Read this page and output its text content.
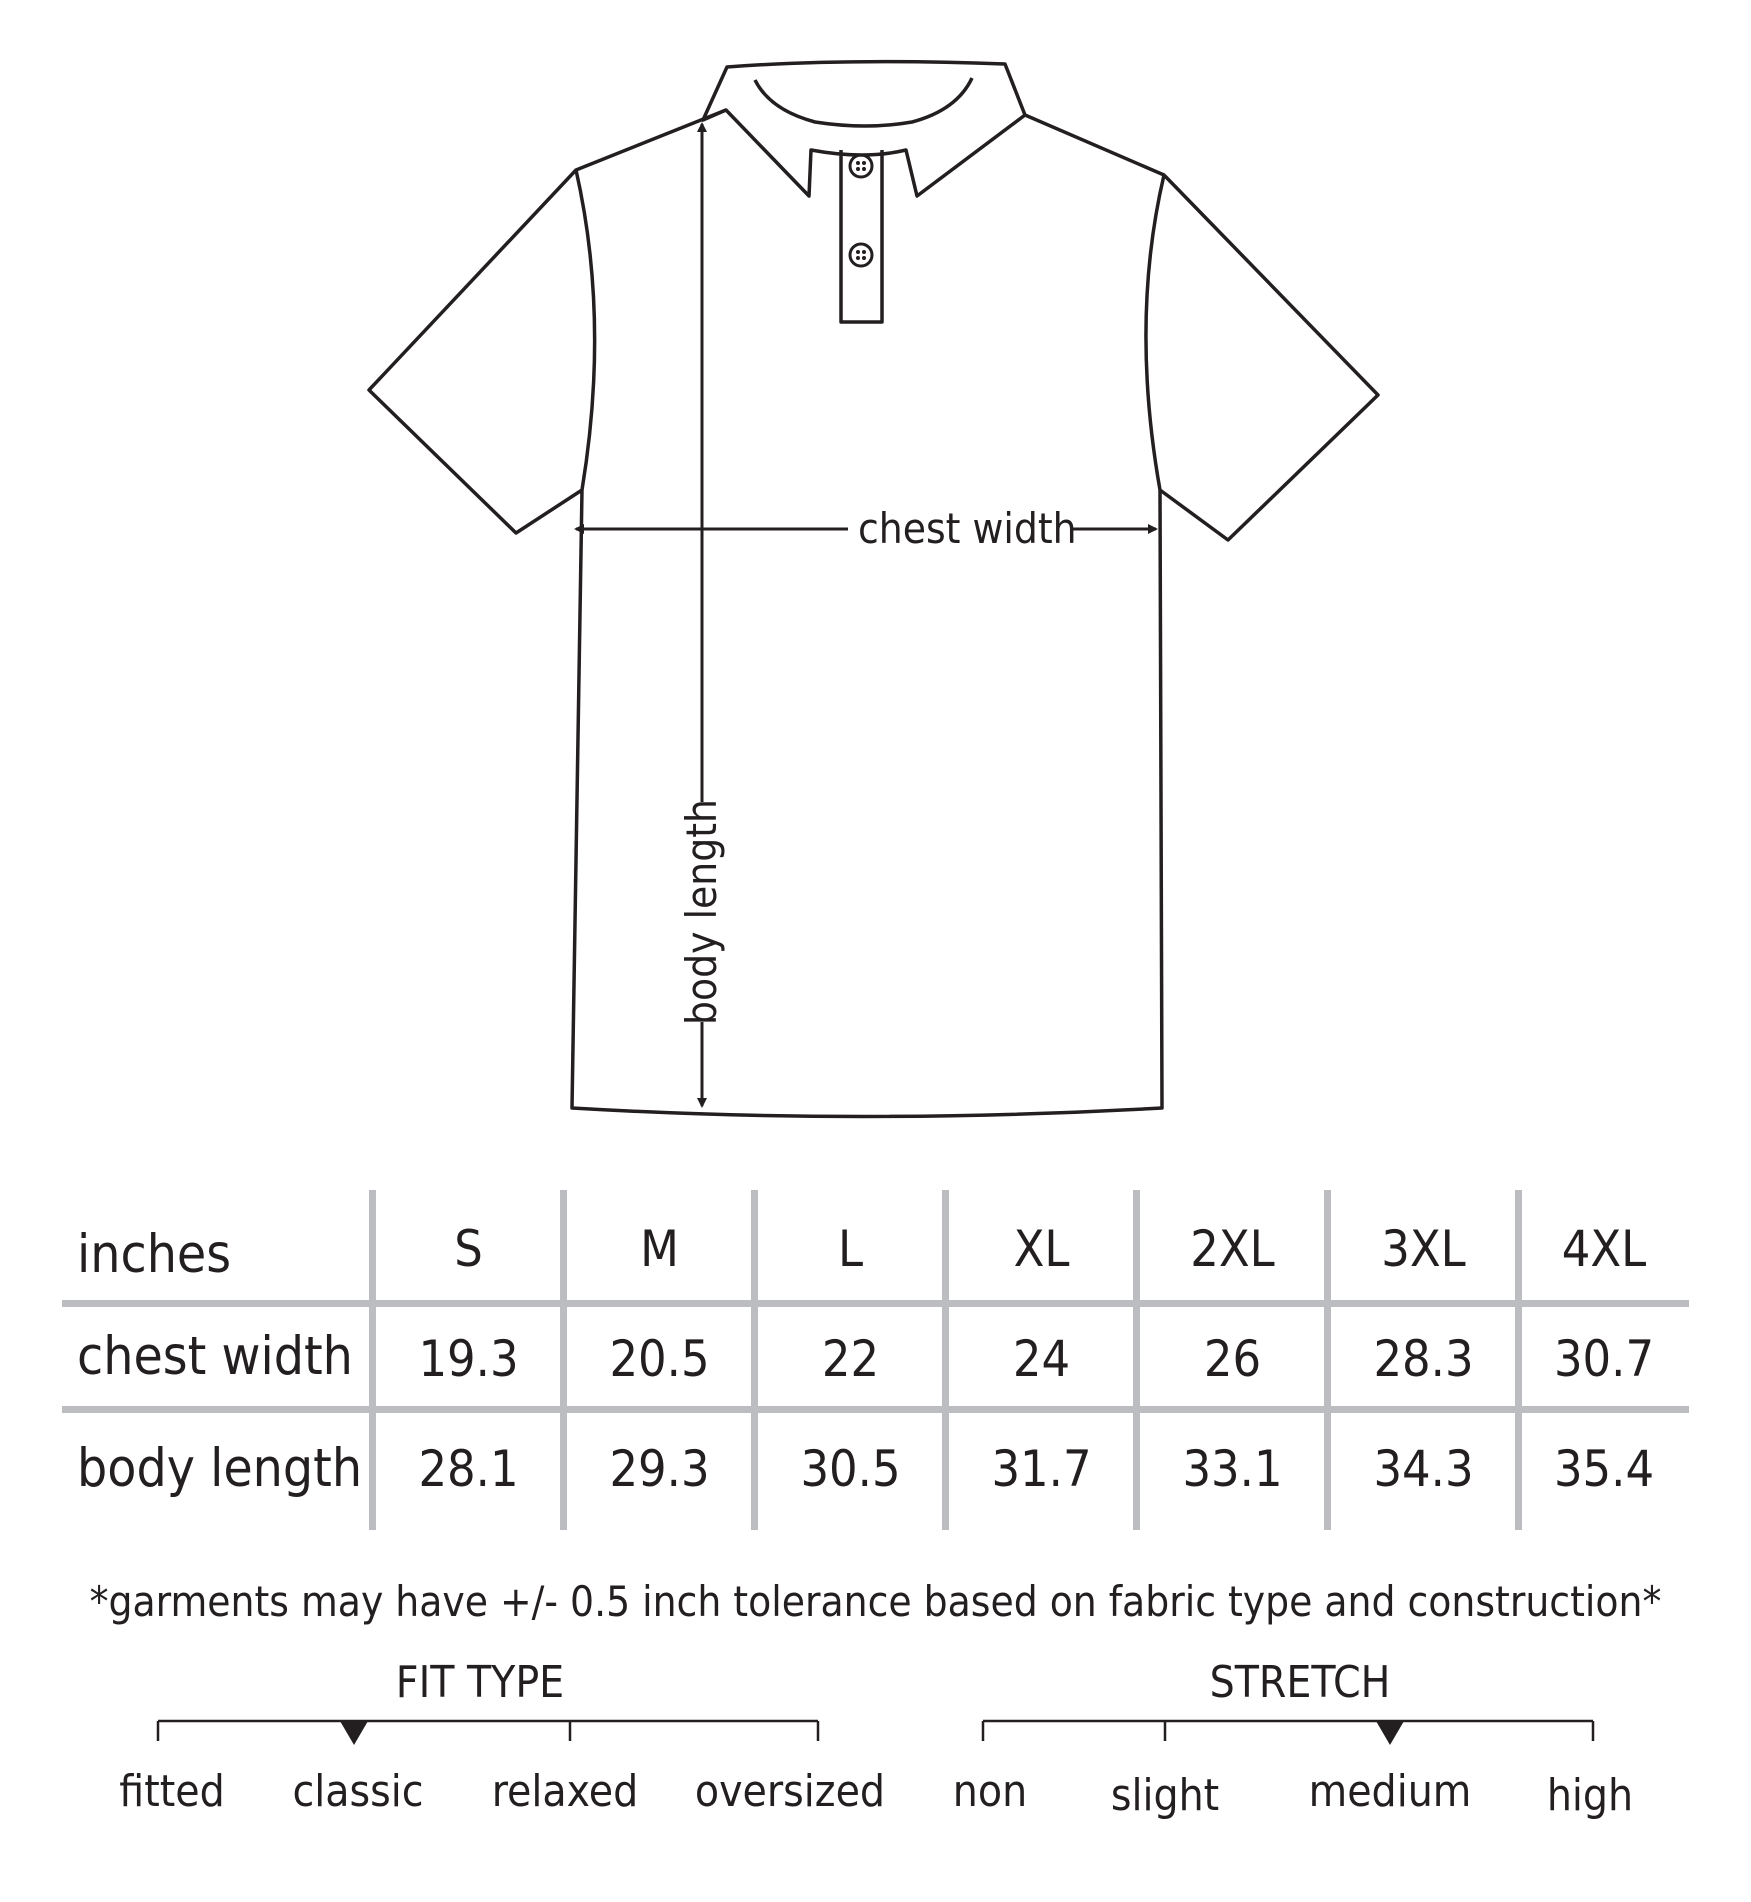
chest width
body length
inches	S	M	L	XL	2XL	3XL	4XL
chest width	19.3	20.5	22	24	26	28.3	30.7
body length	28.1	29.3	30.5	31.7	33.1	34.3	35.4
*garments may have +/- 0.5 inch tolerance based on fabric type and construction*
FIT TYPE
fitted	classic	relaxed oversized
STRETCH
non	slight	medium	high
